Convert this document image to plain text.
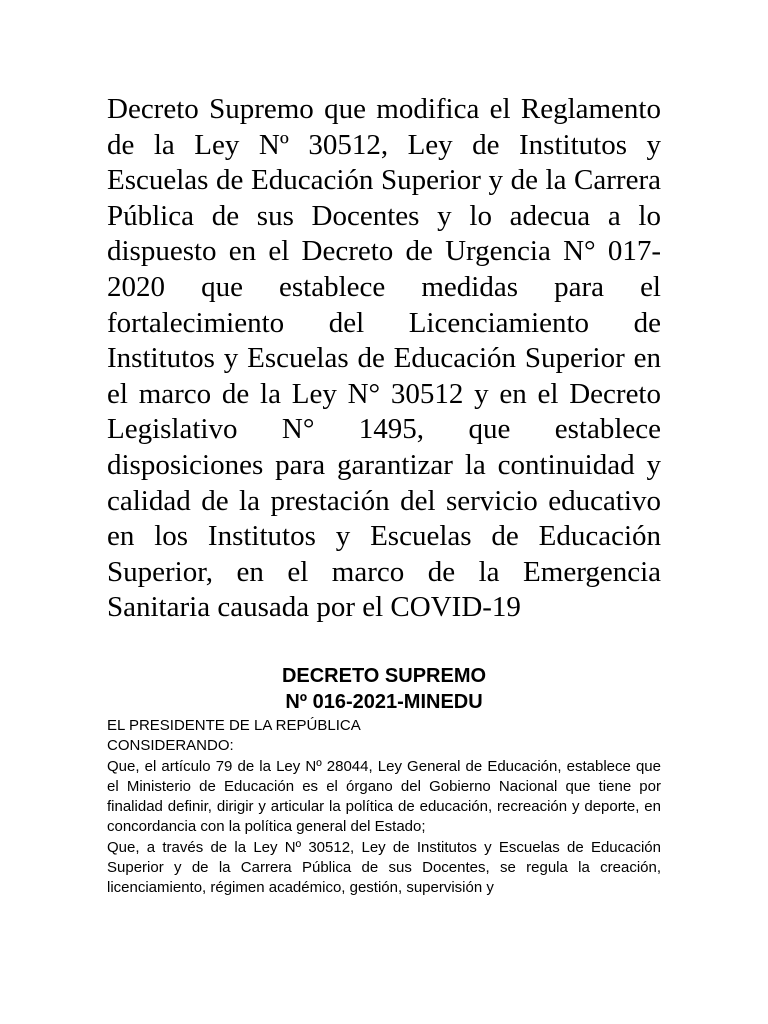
Decreto Supremo que modifica el Reglamento de la Ley Nº 30512, Ley de Institutos y Escuelas de Educación Superior y de la Carrera Pública de sus Docentes y lo adecua a lo dispuesto en el Decreto de Urgencia N° 017-2020 que establece medidas para el fortalecimiento del Licenciamiento de Institutos y Escuelas de Educación Superior en el marco de la Ley N° 30512 y en el Decreto Legislativo N° 1495, que establece disposiciones para garantizar la continuidad y calidad de la prestación del servicio educativo en los Institutos y Escuelas de Educación Superior, en el marco de la Emergencia Sanitaria causada por el COVID-19
DECRETO SUPREMO
Nº 016-2021-MINEDU

EL PRESIDENTE DE LA REPÚBLICA

CONSIDERANDO:

Que, el artículo 79 de la Ley Nº 28044, Ley General de Educación, establece que el Ministerio de Educación es el órgano del Gobierno Nacional que tiene por finalidad definir, dirigir y articular la política de educación, recreación y deporte, en concordancia con la política general del Estado;

Que, a través de la Ley Nº 30512, Ley de Institutos y Escuelas de Educación Superior y de la Carrera Pública de sus Docentes, se regula la creación, licenciamiento, régimen académico, gestión, supervisión y
